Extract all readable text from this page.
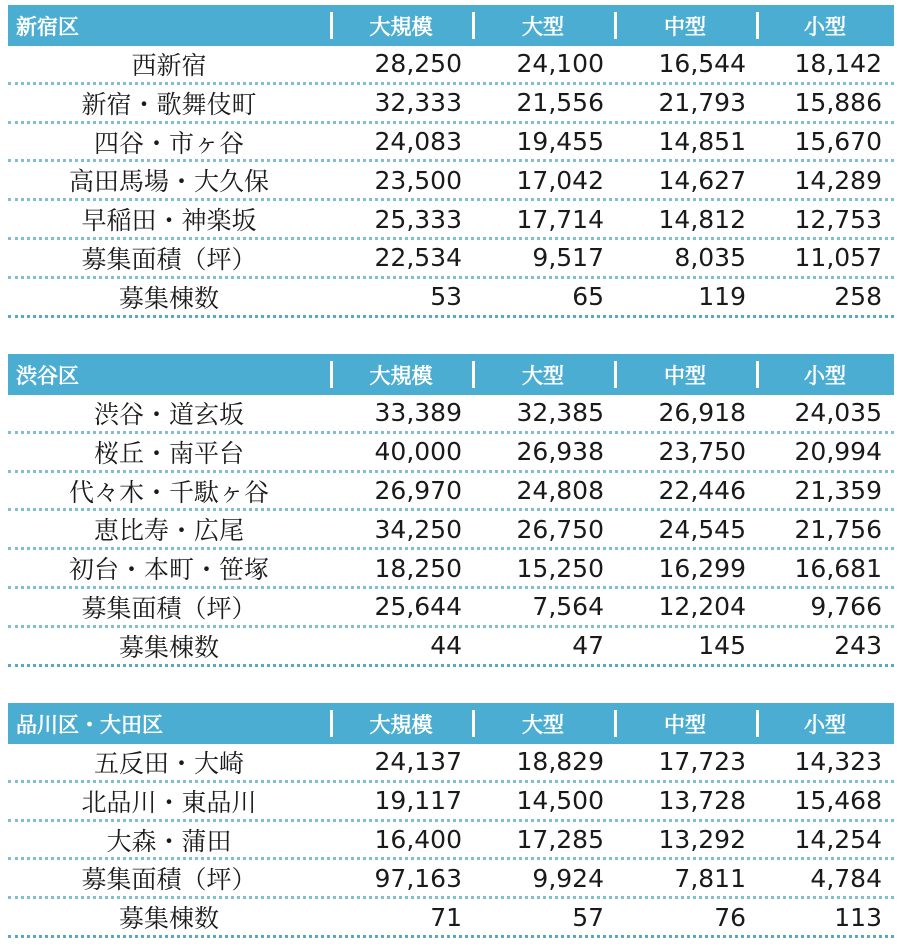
新宿区	大規模	大型	中型	小型
西新宿	28,250	24,100	16,544	18,142
新宿・歌舞伎町	32,333	21,556	21,793	15,886
四谷・市ヶ谷	24,083	19,455	14,851	15,670
高田馬場・大久保	23,500	17,042	14,627	14,289
早稲田・神楽坂	25,333	17,714	14,812	12,753
募集面積（坪）	22,534	9,517	8,035	11,057
募集棟数	53	65	119	258
渋谷区	大規模	大型	中型	小型
渋谷・道玄坂	33,389	32,385	26,918	24,035
桜丘・南平台	40,000	26,938	23,750	20,994
代々木・千駄ヶ谷	26,970	24,808	22,446	21,359
恵比寿・広尾	34,250	26,750	24,545	21,756
初台・本町・笹塚	18,250	15,250	16,299	16,681
募集面積（坪）	25,644	7,564	12,204	9,766
募集棟数	44	47	145	243
品川区・大田区	大規模	大型	中型	小型
五反田・大崎	24,137	18,829	17,723	14,323
北品川・東品川	19,117	14,500	13,728	15,468
大森・蒲田	16,400	17,285	13,292	14,254
募集面積（坪）	97,163	9,924	7,811	4,784
募集棟数	71	57	76	113
